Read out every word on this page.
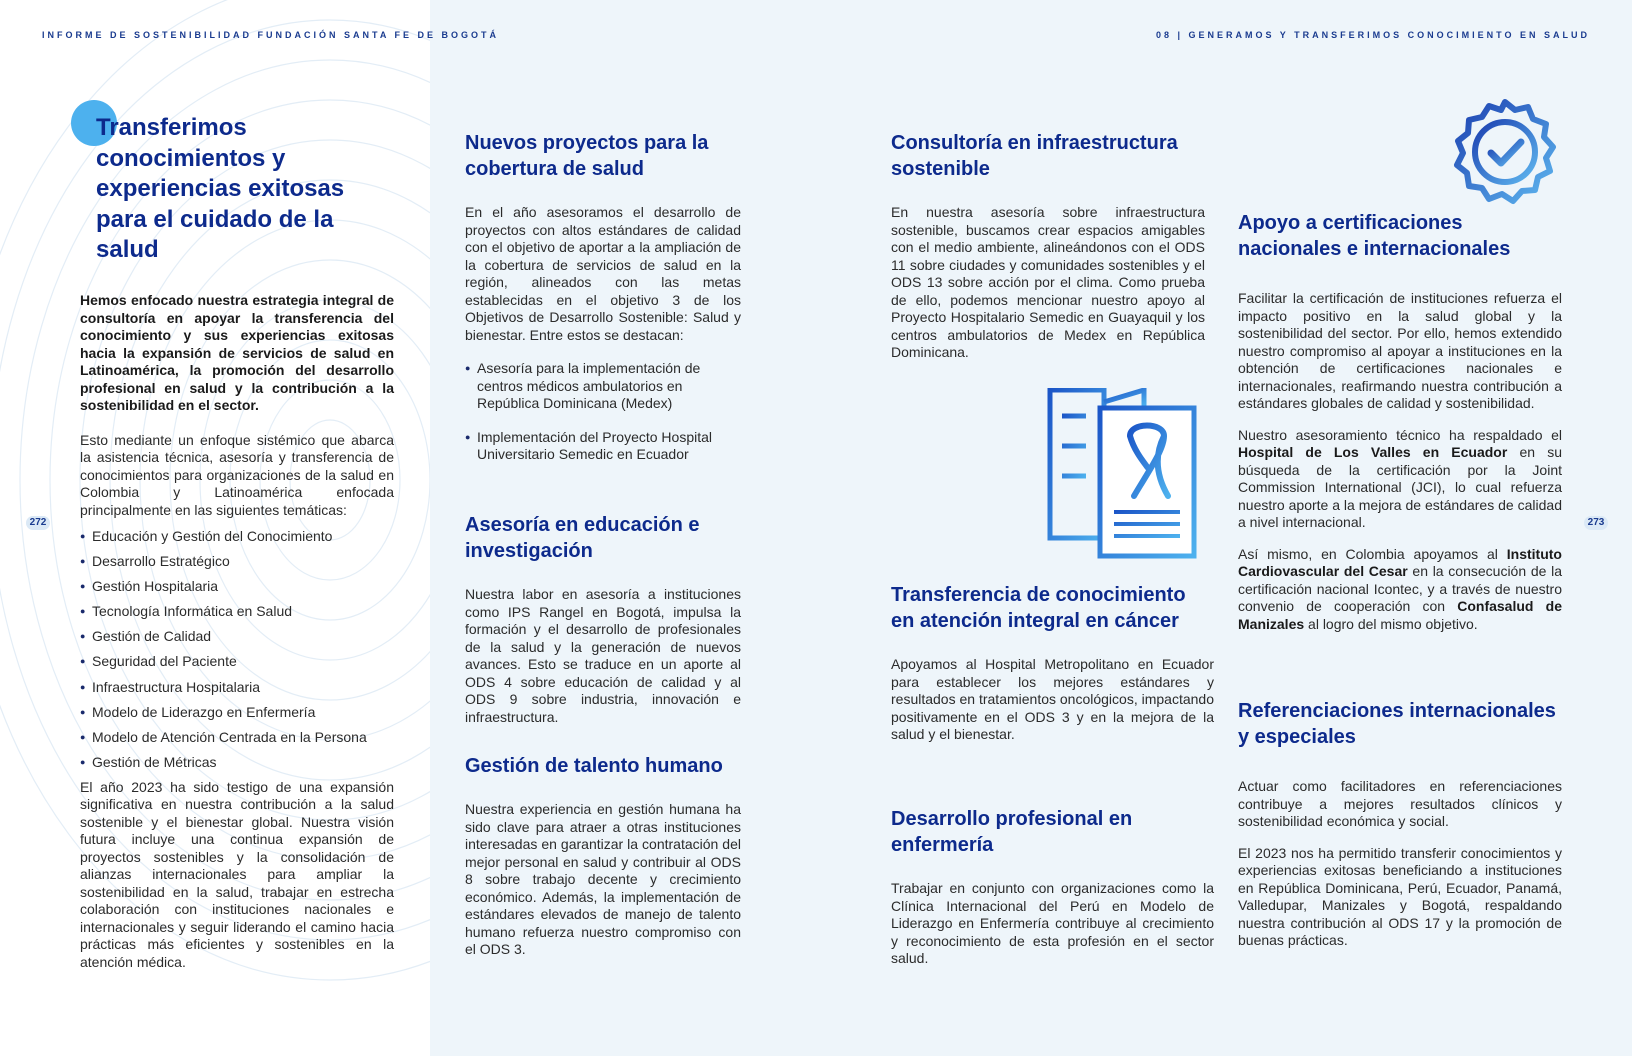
INFORME DE SOSTENIBILIDAD FUNDACIÓN SANTA FE DE BOGOTÁ	08 | GENERAMOS Y TRANSFERIMOS CONOCIMIENTO EN SALUD
272	273
Transferimos conocimientos y experiencias exitosas para el cuidado de la salud

Hemos enfocado nuestra estrategia integral de consultoría en apoyar la transferencia del conocimiento y sus experiencias exitosas hacia la expansión de servicios de salud en Latinoamérica, la promoción del desarrollo profesional en salud y la contribución a la sostenibilidad en el sector.

Esto mediante un enfoque sistémico que abarca la asistencia técnica, asesoría y transferencia de conocimientos para organizaciones de la salud en Colombia y Latinoamérica enfocada principalmente en las siguientes temáticas:

● Educación y Gestión del Conocimiento
● Desarrollo Estratégico
● Gestión Hospitalaria
● Tecnología Informática en Salud
● Gestión de Calidad
● Seguridad del Paciente
● Infraestructura Hospitalaria
● Modelo de Liderazgo en Enfermería
● Modelo de Atención Centrada en la Persona
● Gestión de Métricas

El año 2023 ha sido testigo de una expansión significativa en nuestra contribución a la salud sostenible y el bienestar global. Nuestra visión futura incluye una continua expansión de proyectos sostenibles y la consolidación de alianzas internacionales para ampliar la sostenibilidad en la salud, trabajar en estrecha colaboración con instituciones nacionales e internacionales y seguir liderando el camino hacia prácticas más eficientes y sostenibles en la atención médica.

Nuevos proyectos para la cobertura de salud

En el año asesoramos el desarrollo de proyectos con altos estándares de calidad con el objetivo de aportar a la ampliación de la cobertura de servicios de salud en la región, alineados con las metas establecidas en el objetivo 3 de los Objetivos de Desarrollo Sostenible: Salud y bienestar. Entre estos se destacan:

● Asesoría para la implementación de centros médicos ambulatorios en República Dominicana (Medex)
● Implementación del Proyecto Hospital Universitario Semedic en Ecuador
Asesoría en educación e investigación

Nuestra labor en asesoría a instituciones como IPS Rangel en Bogotá, impulsa la formación y el desarrollo de profesionales de la salud y la generación de nuevos avances. Esto se traduce en un aporte al ODS 4 sobre educación de calidad y al ODS 9 sobre industria, innovación e infraestructura.

Gestión de talento humano

Nuestra experiencia en gestión humana ha sido clave para atraer a otras instituciones interesadas en garantizar la contratación del mejor personal en salud y contribuir al ODS 8 sobre trabajo decente y crecimiento económico. Además, la implementación de estándares elevados de manejo de talento humano refuerza nuestro compromiso con el ODS 3.

Consultoría en infraestructura sostenible

En nuestra asesoría sobre infraestructura sostenible, buscamos crear espacios amigables con el medio ambiente, alineándonos con el ODS 11 sobre ciudades y comunidades sostenibles y el ODS 13 sobre acción por el clima. Como prueba de ello, podemos mencionar nuestro apoyo al Proyecto Hospitalario Semedic en Guayaquil y los centros ambulatorios de Medex en República Dominicana.

Transferencia de conocimiento en atención integral en cáncer

Apoyamos al Hospital Metropolitano en Ecuador para establecer los mejores estándares y resultados en tratamientos oncológicos, impactando positivamente en el ODS 3 y en la mejora de la salud y el bienestar.

Desarrollo profesional en enfermería

Trabajar en conjunto con organizaciones como la Clínica Internacional del Perú en Modelo de Liderazgo en Enfermería contribuye al crecimiento y reconocimiento de esta profesión en el sector salud.

Apoyo a certificaciones nacionales e internacionales

Facilitar la certificación de instituciones refuerza el impacto positivo en la salud global y la sostenibilidad del sector. Por ello, hemos extendido nuestro compromiso al apoyar a instituciones en la obtención de certificaciones nacionales e internacionales, reafirmando nuestra contribución a estándares globales de calidad y sostenibilidad.

Nuestro asesoramiento técnico ha respaldado el Hospital de Los Valles en Ecuador en su búsqueda de la certificación por la Joint Commission International (JCI), lo cual refuerza nuestro aporte a la mejora de estándares de calidad a nivel internacional.

Así mismo, en Colombia apoyamos al Instituto Cardiovascular del Cesar en la consecución de la certificación nacional Icontec, y a través de nuestro convenio de cooperación con Confasalud de Manizales al logro del mismo objetivo.

Referenciaciones internacionales y especiales

Actuar como facilitadores en referenciaciones contribuye a mejores resultados clínicos y sostenibilidad económica y social.

El 2023 nos ha permitido transferir conocimientos y experiencias exitosas beneficiando a instituciones en República Dominicana, Perú, Ecuador, Panamá, Valledupar, Manizales y Bogotá, respaldando nuestra contribución al ODS 17 y la promoción de buenas prácticas.
